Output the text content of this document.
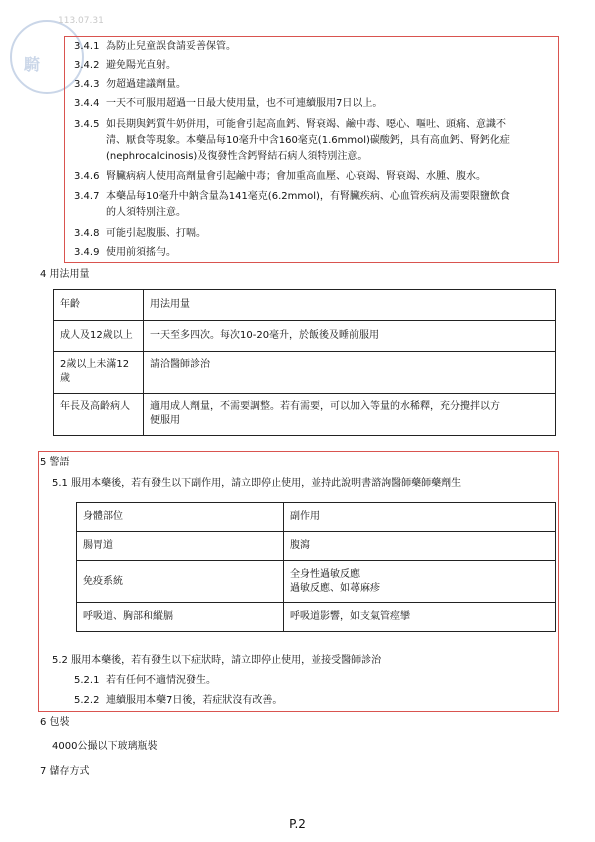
騎
113.07.31
3.4.1 為防止兒童誤食請妥善保管。
3.4.2 避免陽光直射。
3.4.3 勿超過建議劑量。
3.4.4 一天不可服用超過一日最大使用量，也不可連續服用7日以上。
3.4.5 如長期與鈣質牛奶併用，可能會引起高血鈣、腎衰竭、鹼中毒、噁心、嘔吐、頭痛、意識不
清、厭食等現象。本藥品每10毫升中含160毫克(1.6mmol)碳酸鈣，具有高血鈣、腎鈣化症
(nephrocalcinosis)及復發性含鈣腎結石病人須特別注意。
3.4.6 腎臟病病人使用高劑量會引起鹼中毒；會加重高血壓、心衰竭、腎衰竭、水腫、腹水。
3.4.7 本藥品每10毫升中鈉含量為141毫克(6.2mmol)，有腎臟疾病、心血管疾病及需要限鹽飲食
的人須特別注意。
3.4.8 可能引起腹脹、打嗝。
3.4.9 使用前須搖勻。
4 用法用量
年齡	用法用量
成人及12歲以上	一天至多四次。每次10-20毫升，於飯後及睡前服用

2歲以上未滿12
歲	請洽醫師診治
年長及高齡病人	適用成人劑量，不需要調整。若有需要，可以加入等量的水稀釋，充分攪拌以方
便服用
5 警語
5.1 服用本藥後，若有發生以下副作用，請立即停止使用，並持此說明書諮詢醫師藥師藥劑生
身體部位	副作用
腸胃道	腹瀉
免疫系統	全身性過敏反應
過敏反應、如蕁麻疹

呼吸道、胸部和縱膈	呼吸道影響，如支氣管痙攣
5.2 服用本藥後，若有發生以下症狀時，請立即停止使用，並接受醫師診治
5.2.1 若有任何不適情況發生。
5.2.2 連續服用本藥7日後，若症狀沒有改善。
6 包裝
4000公撮以下玻璃瓶裝
7 儲存方式
P.2
